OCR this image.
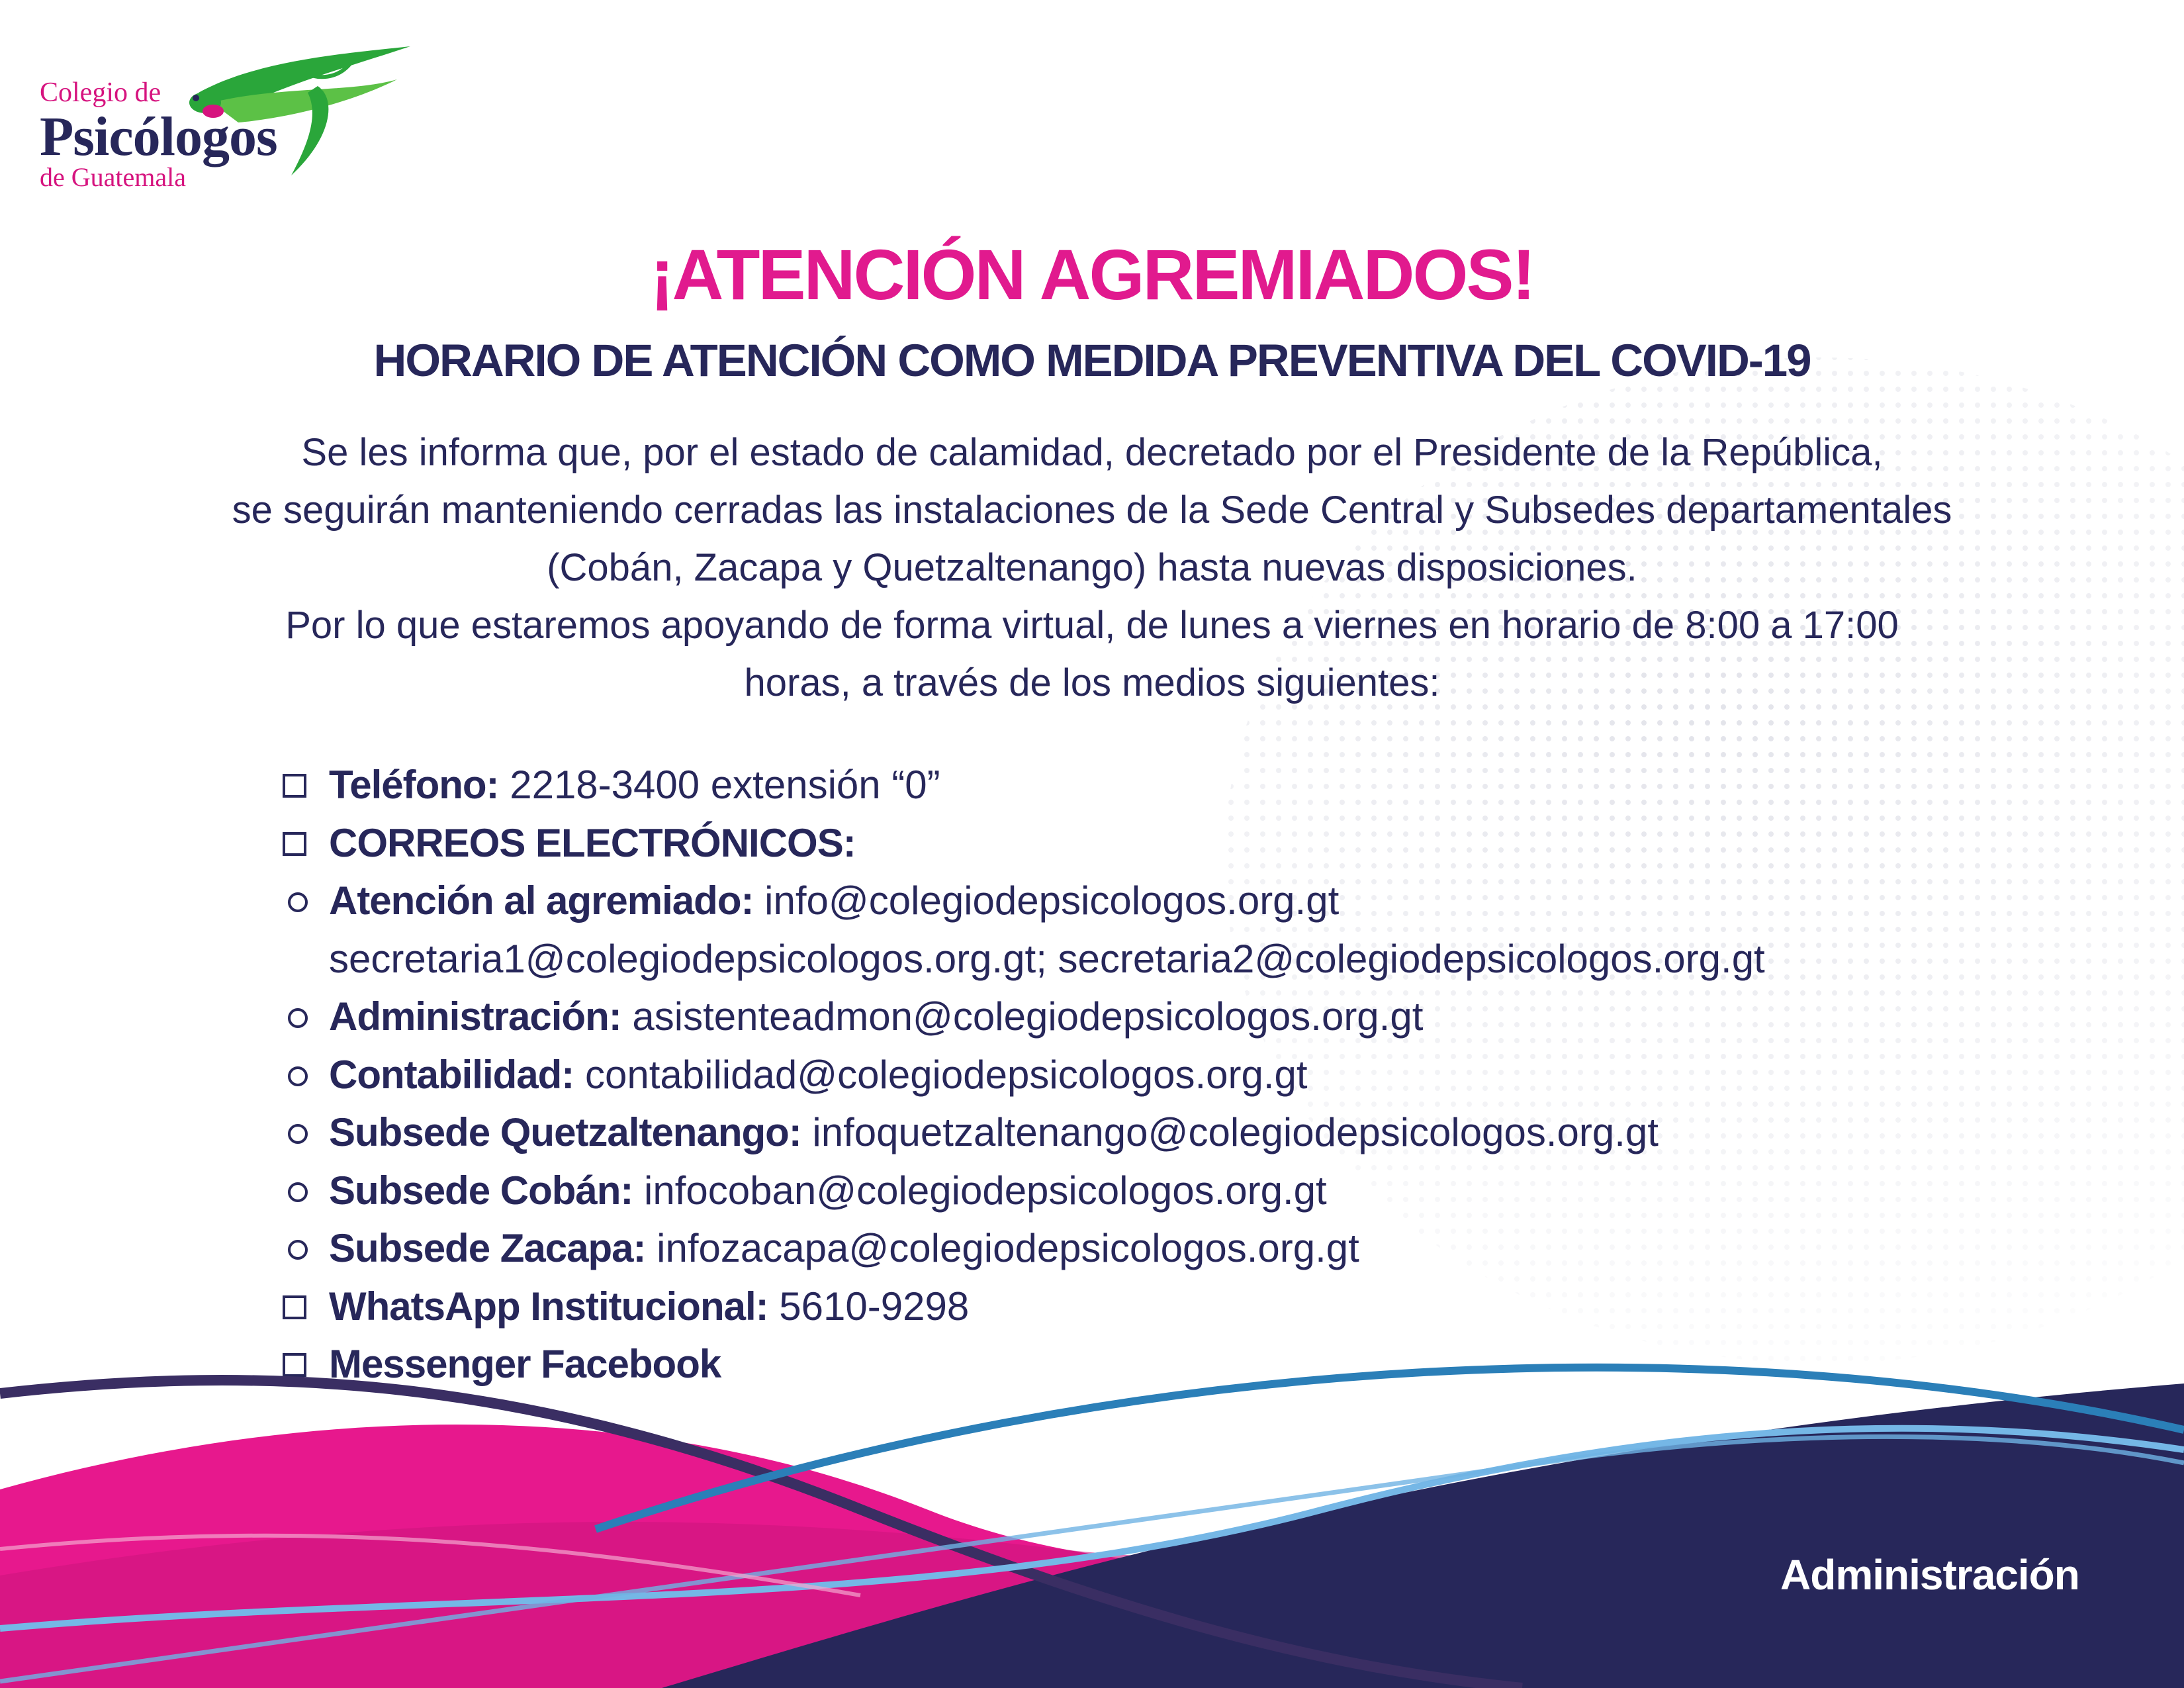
Colegio de
Psicólogos
de Guatemala
¡ATENCIÓN AGREMIADOS!
HORARIO DE ATENCIÓN COMO MEDIDA PREVENTIVA DEL COVID-19
Se les informa que, por el estado de calamidad, decretado por el Presidente de la República,
se seguirán manteniendo cerradas las instalaciones de la Sede Central y Subsedes departamentales
(Cobán, Zacapa y Quetzaltenango) hasta nuevas disposiciones.
Por lo que estaremos apoyando de forma virtual, de lunes a viernes en horario de 8:00 a 17:00
horas, a través de los medios siguientes:
Teléfono: 2218-3400 extensión “0”
CORREOS ELECTRÓNICOS:
Atención al agremiado: info@colegiodepsicologos.org.gt
secretaria1@colegiodepsicologos.org.gt; secretaria2@colegiodepsicologos.org.gt
Administración: asistenteadmon@colegiodepsicologos.org.gt
Contabilidad: contabilidad@colegiodepsicologos.org.gt
Subsede Quetzaltenango: infoquetzaltenango@colegiodepsicologos.org.gt
Subsede Cobán: infocoban@colegiodepsicologos.org.gt
Subsede Zacapa: infozacapa@colegiodepsicologos.org.gt
WhatsApp Institucional: 5610-9298
Messenger Facebook
Administración
